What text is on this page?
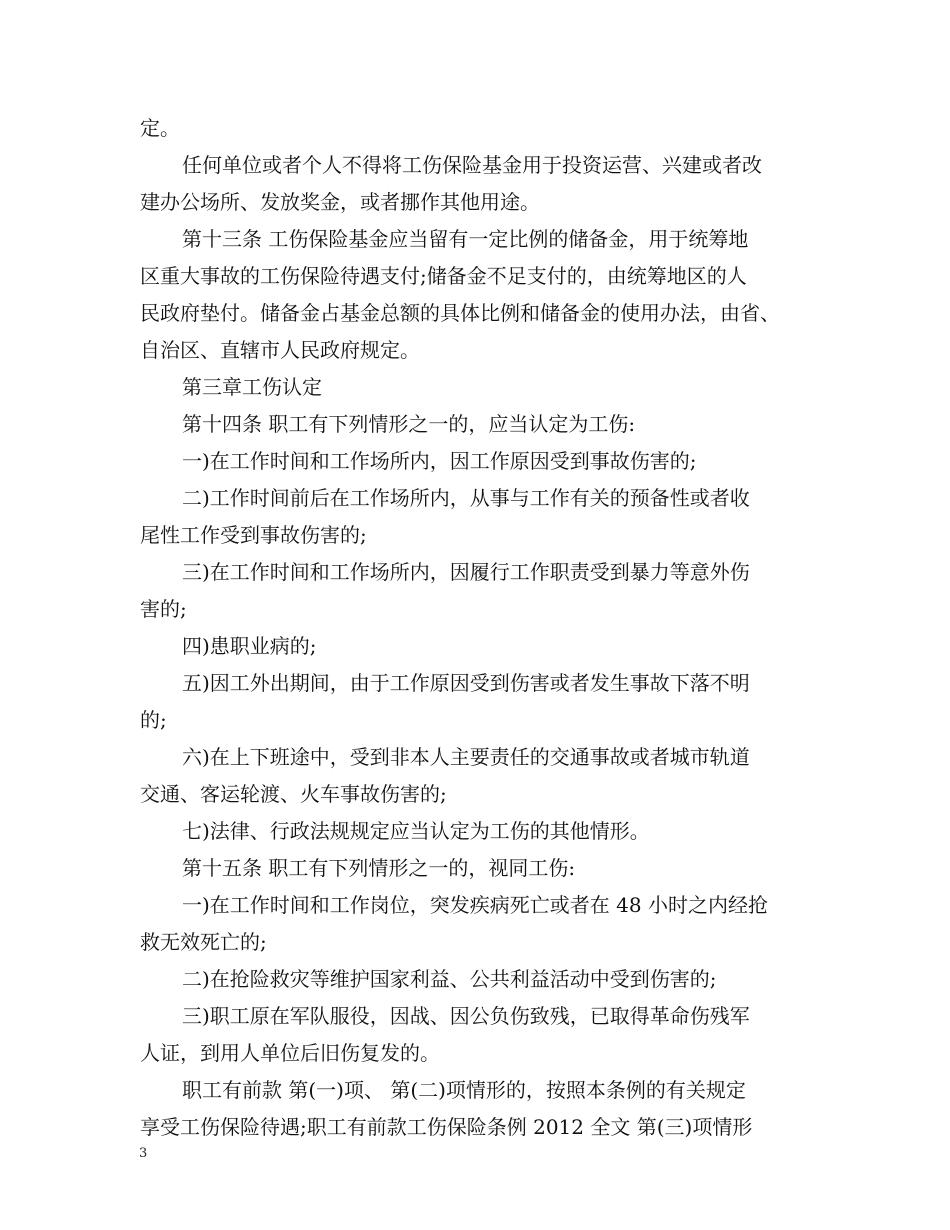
定。
任何单位或者个人不得将工伤保险基金用于投资运营、兴建或者改
建办公场所、发放奖金，或者挪作其他用途。
第十三条 工伤保险基金应当留有一定比例的储备金，用于统筹地
区重大事故的工伤保险待遇支付;储备金不足支付的，由统筹地区的人
民政府垫付。储备金占基金总额的具体比例和储备金的使用办法，由省、
自治区、直辖市人民政府规定。
第三章工伤认定
第十四条 职工有下列情形之一的，应当认定为工伤:
一)在工作时间和工作场所内，因工作原因受到事故伤害的;
二)工作时间前后在工作场所内，从事与工作有关的预备性或者收
尾性工作受到事故伤害的;
三)在工作时间和工作场所内，因履行工作职责受到暴力等意外伤
害的;
四)患职业病的;
五)因工外出期间，由于工作原因受到伤害或者发生事故下落不明
的;
六)在上下班途中，受到非本人主要责任的交通事故或者城市轨道
交通、客运轮渡、火车事故伤害的;
七)法律、行政法规规定应当认定为工伤的其他情形。
第十五条 职工有下列情形之一的，视同工伤:
一)在工作时间和工作岗位，突发疾病死亡或者在 48 小时之内经抢
救无效死亡的;
二)在抢险救灾等维护国家利益、公共利益活动中受到伤害的;
三)职工原在军队服役，因战、因公负伤致残，已取得革命伤残军
人证，到用人单位后旧伤复发的。
职工有前款 第(一)项、 第(二)项情形的，按照本条例的有关规定
享受工伤保险待遇;职工有前款工伤保险条例 2012 全文 第(三)项情形
3
